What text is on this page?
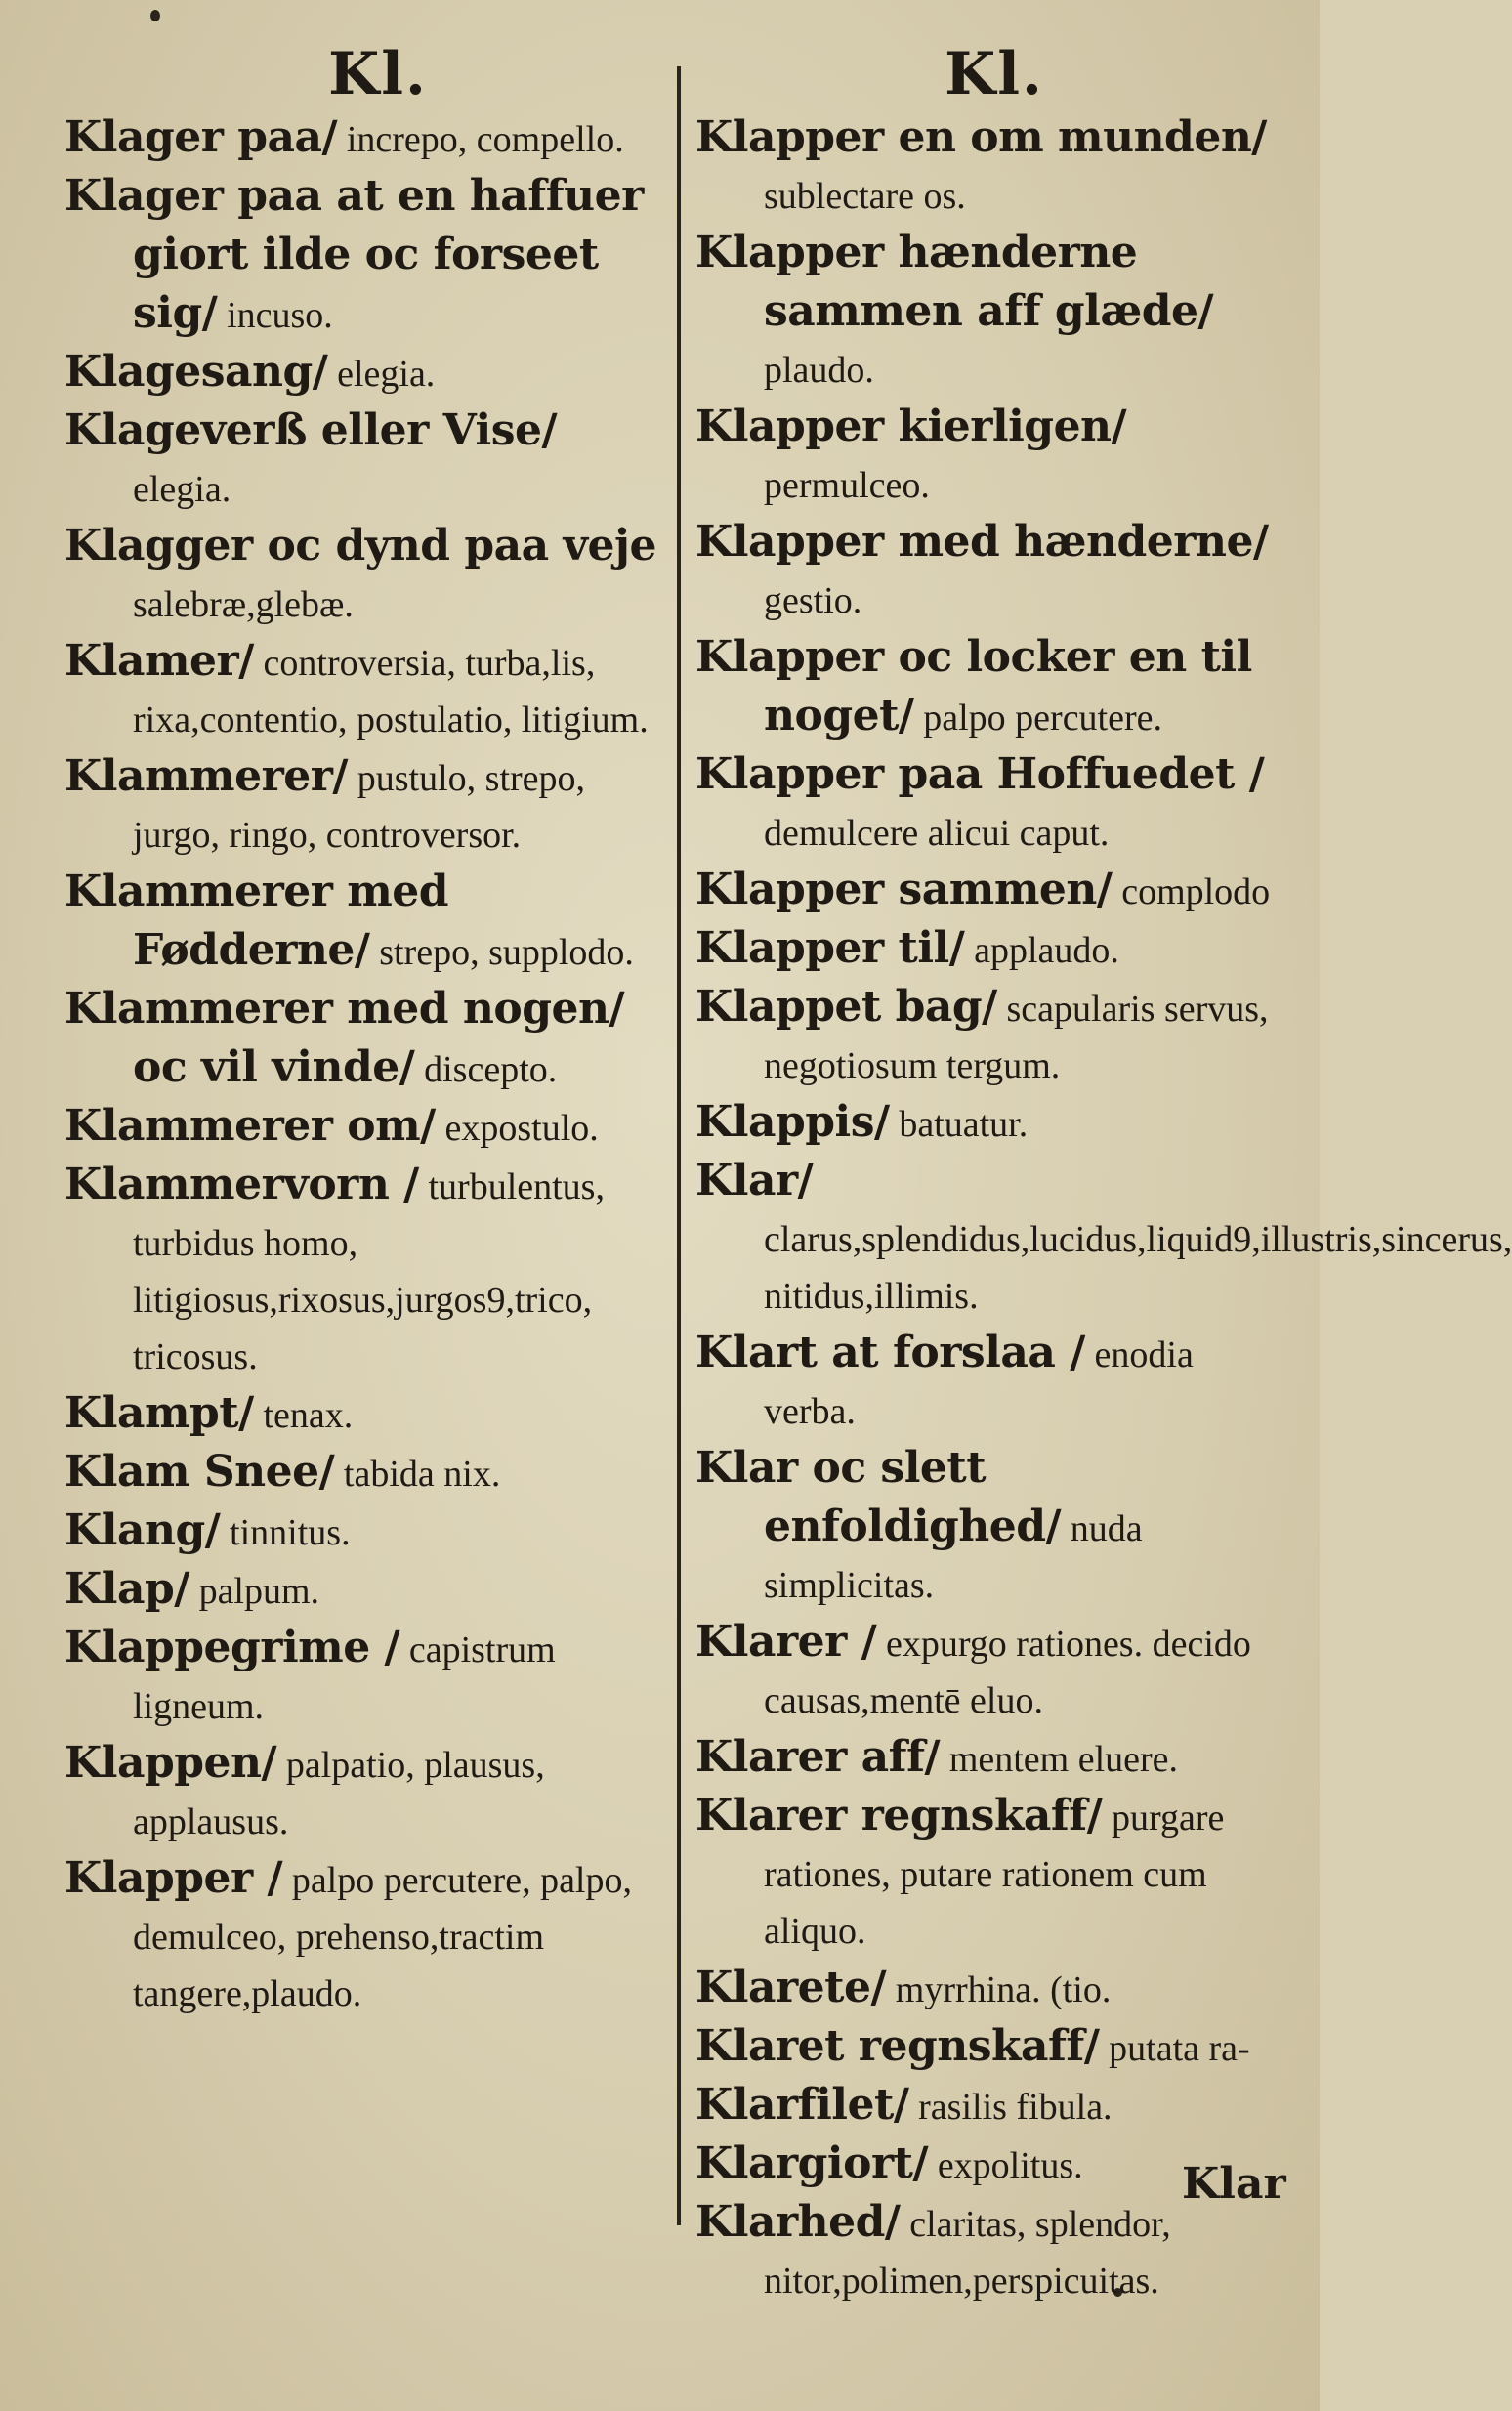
Kl.
Klager paa/ increpo, compello.
Klager paa at en haffuer giort ilde oc forseet sig/ incuso.
Klagesang/ elegia.
Klageverß eller Vise/ elegia.
Klagger oc dynd paa veje salebræ,glebæ.
Klamer/ controversia, turba,lis, rixa,contentio, postulatio, litigium.
Klammerer/ pustulo, strepo, jurgo, ringo, controversor.
Klammerer med Fødderne/ strepo, supplodo.
Klammerer med nogen/ oc vil vinde/ discepto.
Klammerer om/ expostulo.
Klammervorn / turbulentus, turbidus homo, litigiosus,rixosus,jurgos9,trico, tricosus.
Klampt/ tenax.
Klam Snee/ tabida nix.
Klang/ tinnitus.
Klap/ palpum.
Klappegrime / capistrum ligneum.
Klappen/ palpatio, plausus, applausus.
Klapper / palpo percutere, palpo, demulceo, prehenso,tractim tangere,plaudo.
Kl.
Klapper en om munden/ sublectare os.
Klapper hænderne sammen aff glæde/ plaudo.
Klapper kierligen/ permulceo.
Klapper med hænderne/ gestio.
Klapper oc locker en til noget/ palpo percutere.
Klapper paa Hoffuedet / demulcere alicui caput.
Klapper sammen/ complodo
Klapper til/ applaudo.
Klappet bag/ scapularis servus, negotiosum tergum.
Klappis/ batuatur.
Klar/ clarus,splendidus,lucidus,liquid9,illustris,sincerus, nitidus,illimis.
Klart at forslaa / enodia verba.
Klar oc slett enfoldighed/ nuda simplicitas.
Klarer / expurgo rationes. decido causas,mentē eluo.
Klarer aff/ mentem eluere.
Klarer regnskaff/ purgare rationes, putare rationem cum aliquo.
Klarete/ myrrhina. (tio.
Klaret regnskaff/ putata ra-
Klarfilet/ rasilis fibula.
Klargiort/ expolitus.
Klarhed/ claritas, splendor, nitor,polimen,perspicuitas.
Klar
